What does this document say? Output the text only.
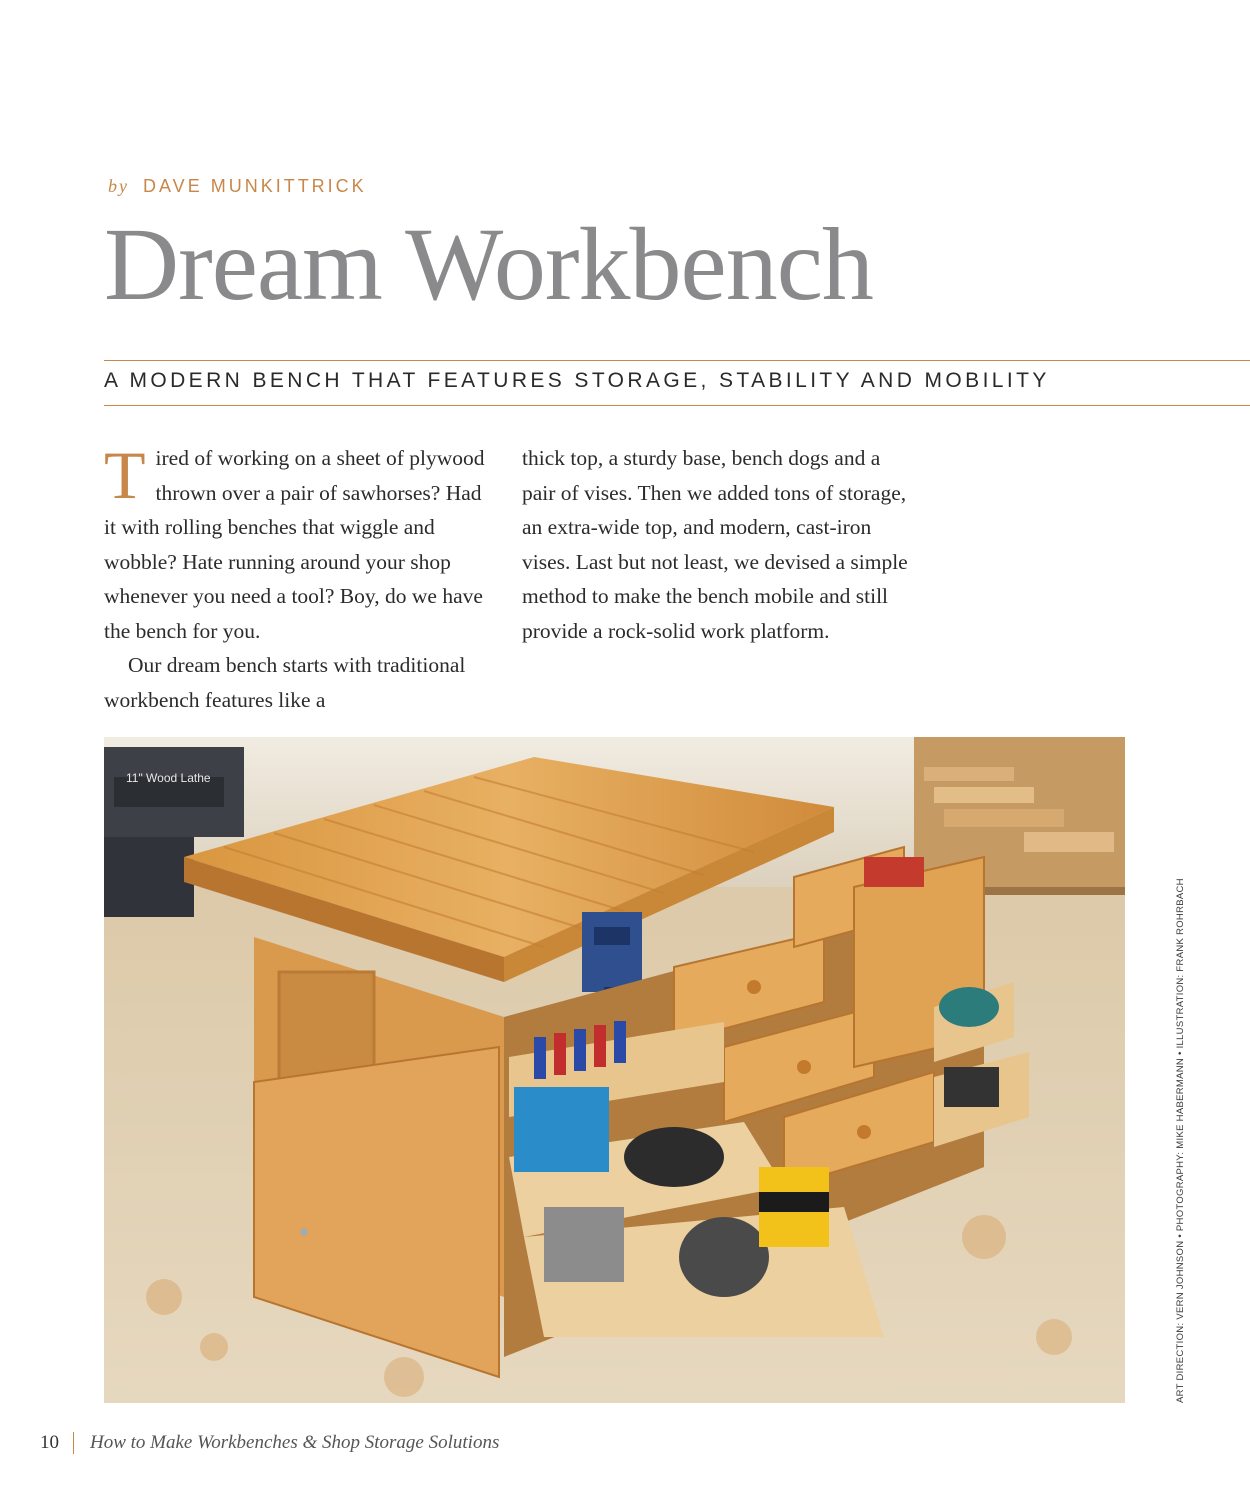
by DAVE MUNKITTRICK
Dream Workbench
A MODERN BENCH THAT FEATURES STORAGE, STABILITY AND MOBILITY

Tired of working on a sheet of plywood thrown over a pair of sawhorses? Had it with rolling benches that wiggle and wobble? Hate running around your shop whenever you need a tool? Boy, do we have the bench for you.

Our dream bench starts with traditional workbench features like a

thick top, a sturdy base, bench dogs and a pair of vises. Then we added tons of storage, an extra-wide top, and modern, cast-iron vises. Last but not least, we devised a simple method to make the bench mobile and still provide a rock-solid work platform.

11" Wood Lathe
ART DIRECTION: VERN JOHNSON • PHOTOGRAPHY: MIKE HABERMANN • ILLUSTRATION: FRANK ROHRBACH
10 How to Make Workbenches & Shop Storage Solutions
